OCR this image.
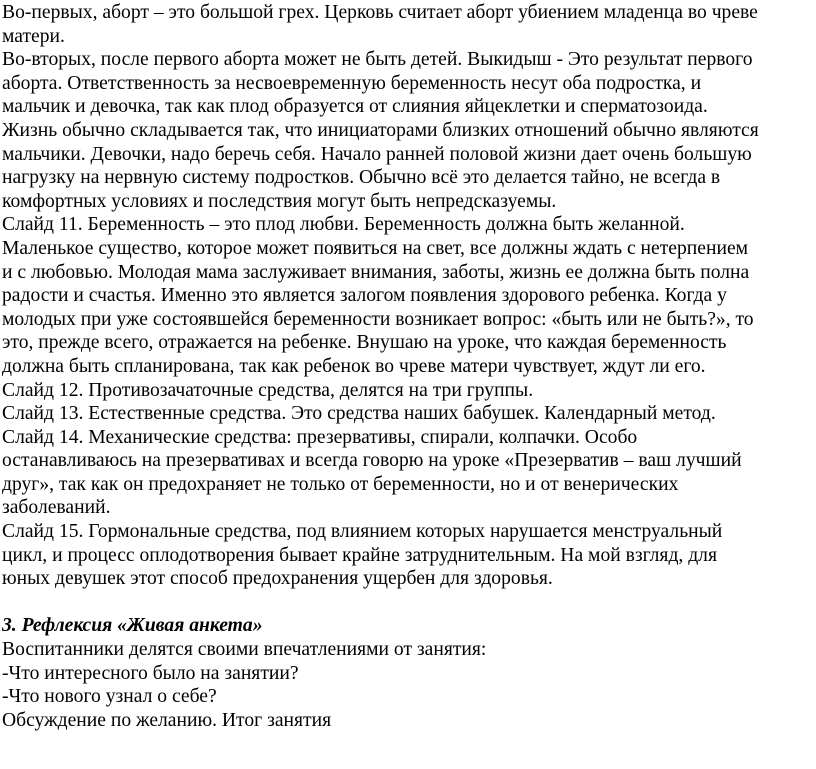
Во-первых, аборт – это большой грех. Церковь считает аборт убиением младенца во чреве
матери.
Во-вторых, после первого аборта может не быть детей. Выкидыш - Это результат первого
аборта. Ответственность за несвоевременную беременность несут оба подростка, и
мальчик и девочка, так как плод образуется от слияния яйцеклетки и сперматозоида.
Жизнь обычно складывается так, что инициаторами близких отношений обычно являются
мальчики. Девочки, надо беречь себя. Начало ранней половой жизни дает очень большую
нагрузку на нервную систему подростков. Обычно всё это делается тайно, не всегда в
комфортных условиях и последствия могут быть непредсказуемы.
Слайд 11. Беременность – это плод любви. Беременность должна быть желанной.
Маленькое существо, которое может появиться на свет, все должны ждать с нетерпением
и с любовью. Молодая мама заслуживает внимания, заботы, жизнь ее должна быть полна
радости и счастья. Именно это является залогом появления здорового ребенка. Когда у
молодых при уже состоявшейся беременности возникает вопрос: «быть или не быть?», то
это, прежде всего, отражается на ребенке. Внушаю на уроке, что каждая беременность
должна быть спланирована, так как ребенок во чреве матери чувствует, ждут ли его.
Слайд 12. Противозачаточные средства, делятся на три группы.
Слайд 13. Естественные средства. Это средства наших бабушек. Календарный метод.
Слайд 14. Механические средства: презервативы, спирали, колпачки. Особо
останавливаюсь на презервативах и всегда говорю на уроке «Презерватив – ваш лучший
друг», так как он предохраняет не только от беременности, но и от венерических
заболеваний.
Слайд 15. Гормональные средства, под влиянием которых нарушается менструальный
цикл, и процесс оплодотворения бывает крайне затруднительным. На мой взгляд, для
юных девушек этот способ предохранения ущербен для здоровья.
3. Рефлексия «Живая анкета»
Воспитанники делятся своими впечатлениями от занятия:
-Что интересного было на занятии?
-Что нового узнал о себе?
Обсуждение по желанию. Итог занятия
